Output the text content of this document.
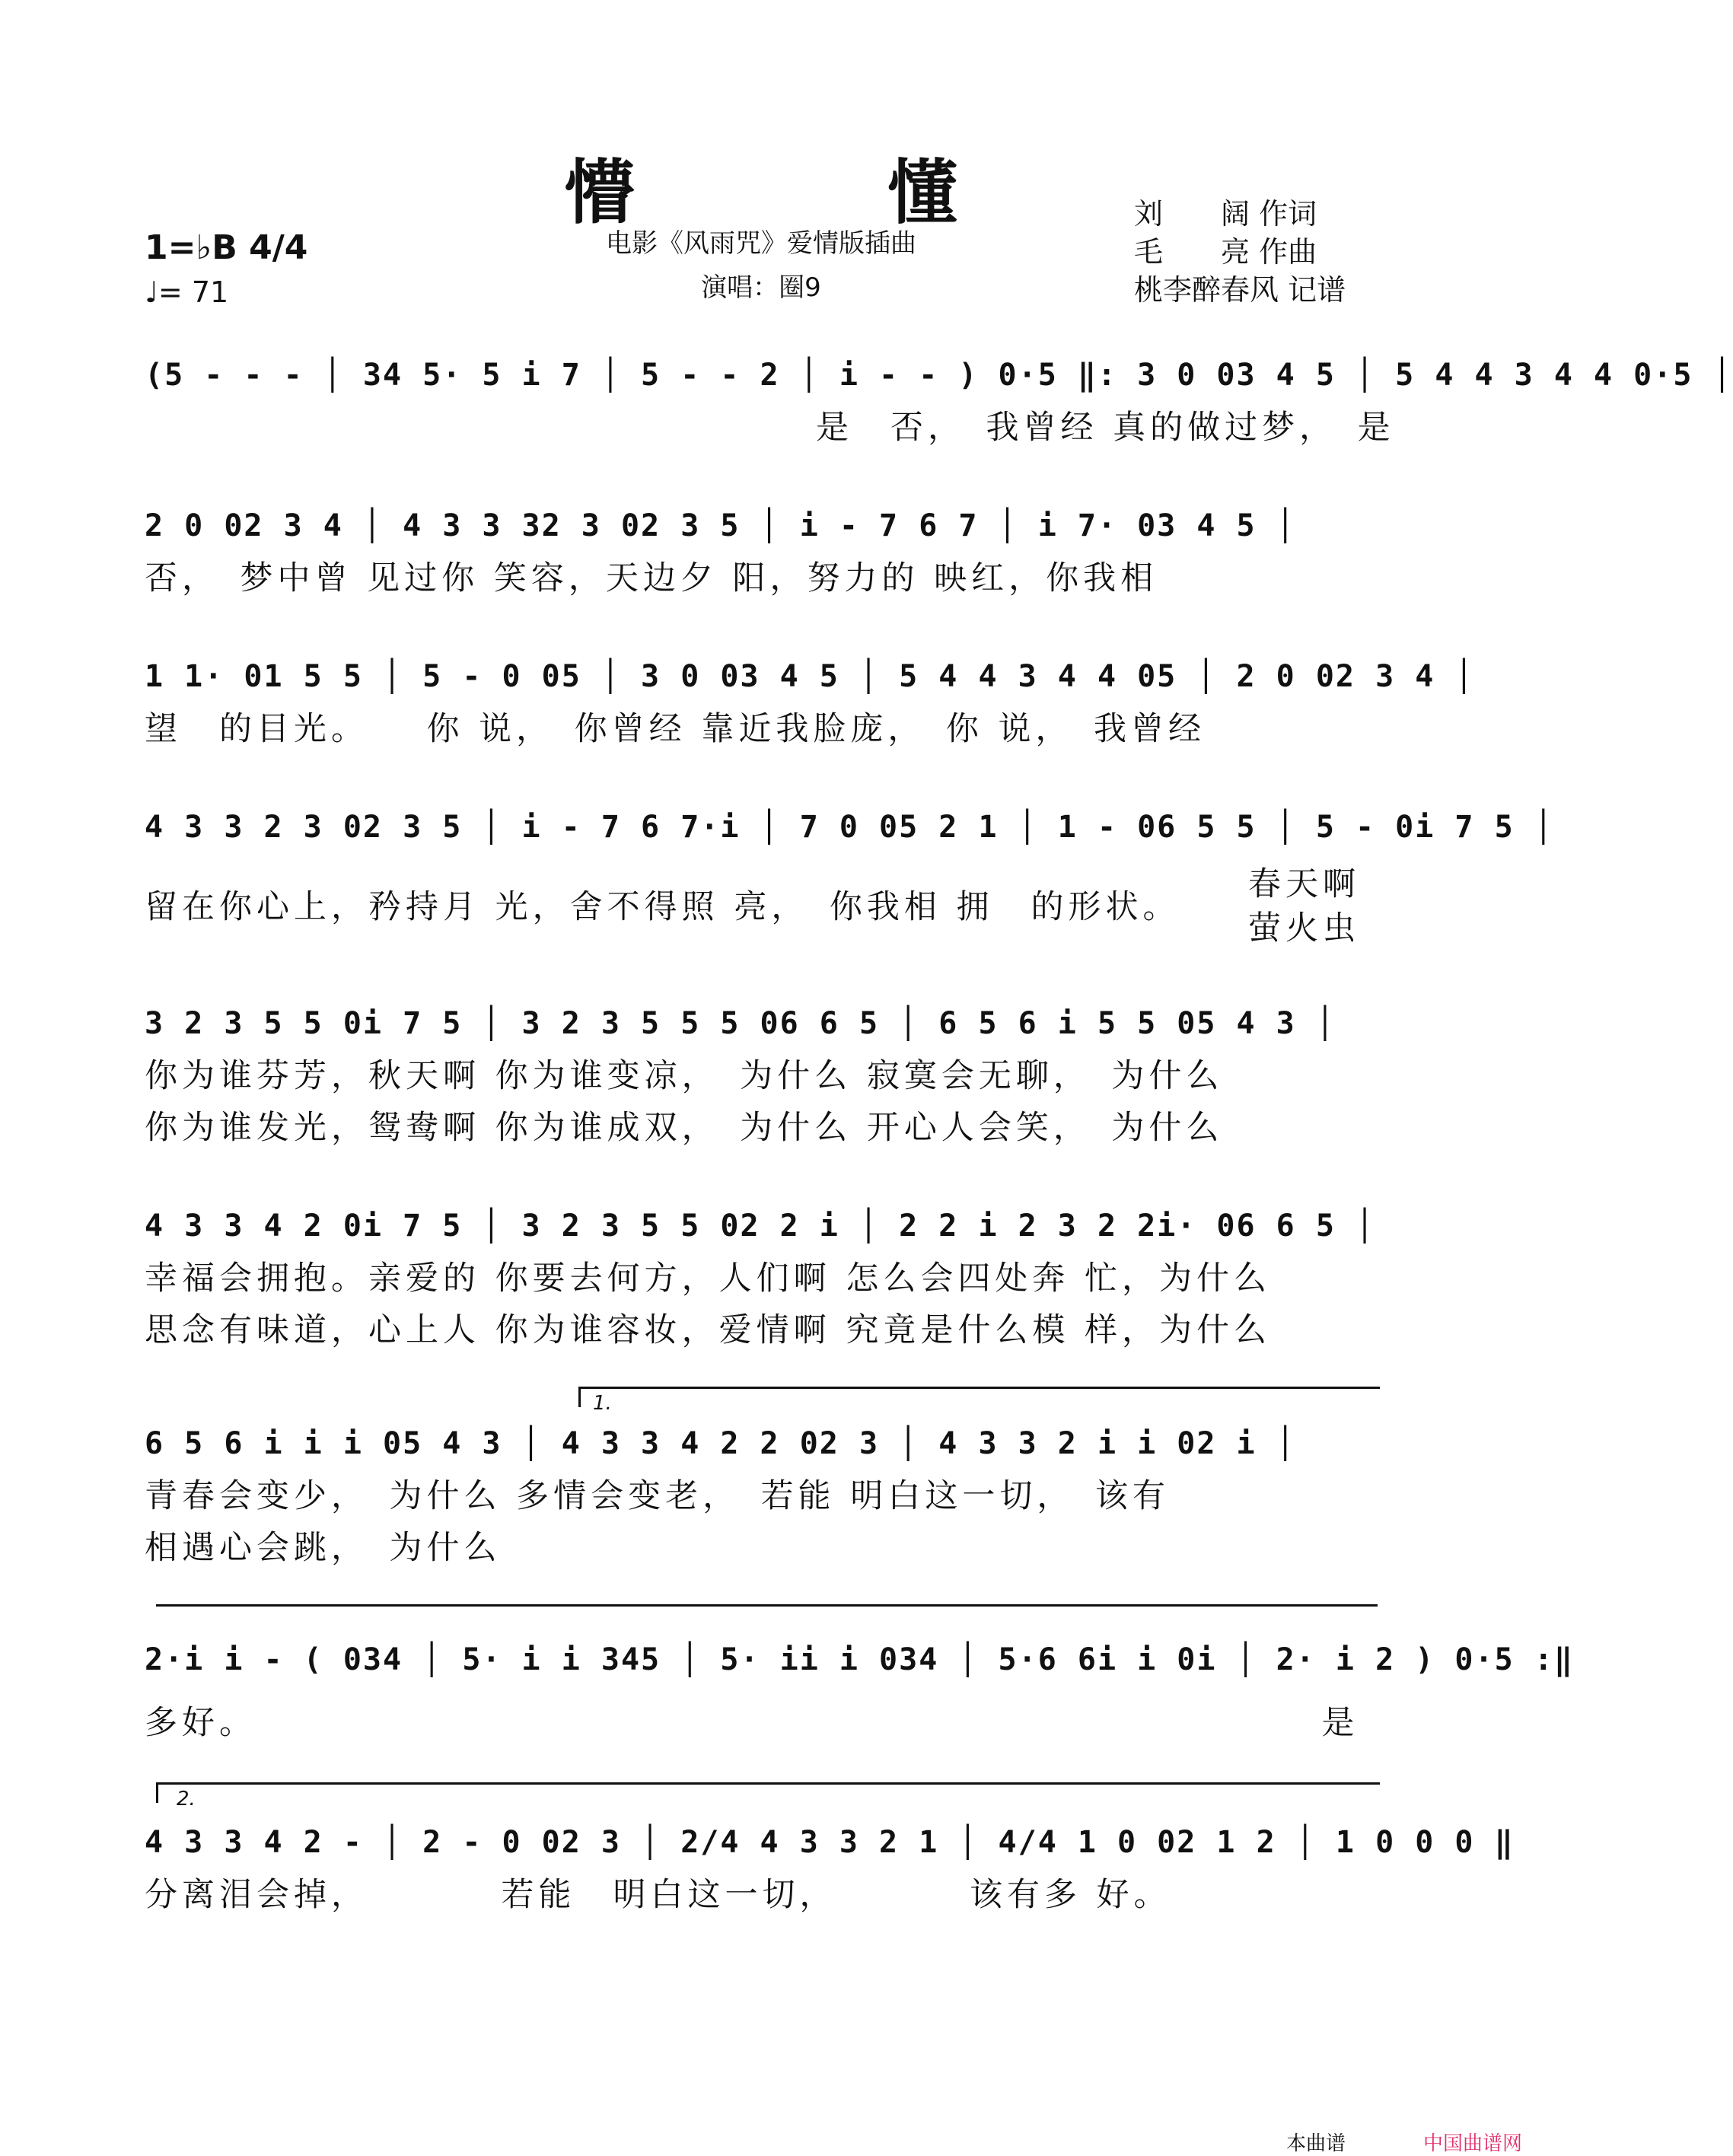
懵 懂
电影《风雨咒》爱情版插曲
演唱：圈9
刘　　阔 作词
毛　　亮 作曲
桃李醉春风 记谱
1=♭B 4/4
♩= 71
(5 - - - │ 34 5· 5 i 7 │ 5 - - 2 │ i - - ) 0·5 ‖: 3 0 03 4 5 │ 5 4 4 3 4 4 0·5 │
　　　　　　　　　　　　　　　　　　是　否，　我曾经 真的做过梦，　是
2 0 02 3 4 │ 4 3 3 32 3 02 3 5 │ i - 7 6 7 │ i 7· 03 4 5 │
否，　梦中曾 见过你 笑容，天边夕 阳，努力的 映红，你我相
1 1· 01 5 5 │ 5 - 0 05 │ 3 0 03 4 5 │ 5 4 4 3 4 4 05 │ 2 0 02 3 4 │
望　的目光。　　你 说，　你曾经 靠近我脸庞，　你 说，　我曾经
4 3 3 2 3 02 3 5 │ i - 7 6 7·i │ 7 0 05 2 1 │ 1 - 06 5 5 │ 5 - 0i 7 5 │
留在你心上，矜持月 光，舍不得照 亮，　你我相 拥　的形状。
春天啊
萤火虫
3 2 3 5 5 0i 7 5 │ 3 2 3 5 5 5 06 6 5 │ 6 5 6 i 5 5 05 4 3 │
你为谁芬芳，秋天啊 你为谁变凉，　为什么 寂寞会无聊，　为什么
你为谁发光，鸳鸯啊 你为谁成双，　为什么 开心人会笑，　为什么
4 3 3 4 2 0i 7 5 │ 3 2 3 5 5 02 2 i │ 2 2 i 2 3 2 2i· 06 6 5 │
幸福会拥抱。亲爱的 你要去何方，人们啊 怎么会四处奔 忙，为什么
思念有味道，心上人 你为谁容妆，爱情啊 究竟是什么模 样，为什么
1.
6 5 6 i i i 05 4 3 │ 4 3 3 4 2 2 02 3 │ 4 3 3 2 i i 02 i │
青春会变少，　为什么 多情会变老，　若能 明白这一切，　该有
相遇心会跳，　为什么
2·i i - ( 034 │ 5· i i 345 │ 5· ii i 034 │ 5·6 6i i 0i │ 2· i 2 ) 0·5 :‖
多好。　　　　　　　　　　　　　　　　　　　　　　　　　　　　　是
2.
4 3 3 4 2 - │ 2 - 0 02 3 │ 2/4 4 3 3 2 1 │ 4/4 1 0 02 1 2 │ 1 0 0 0 ‖
分离泪会掉，　　　　若能　明白这一切，　　　　该有多 好。
本曲谱	中国曲谱网
